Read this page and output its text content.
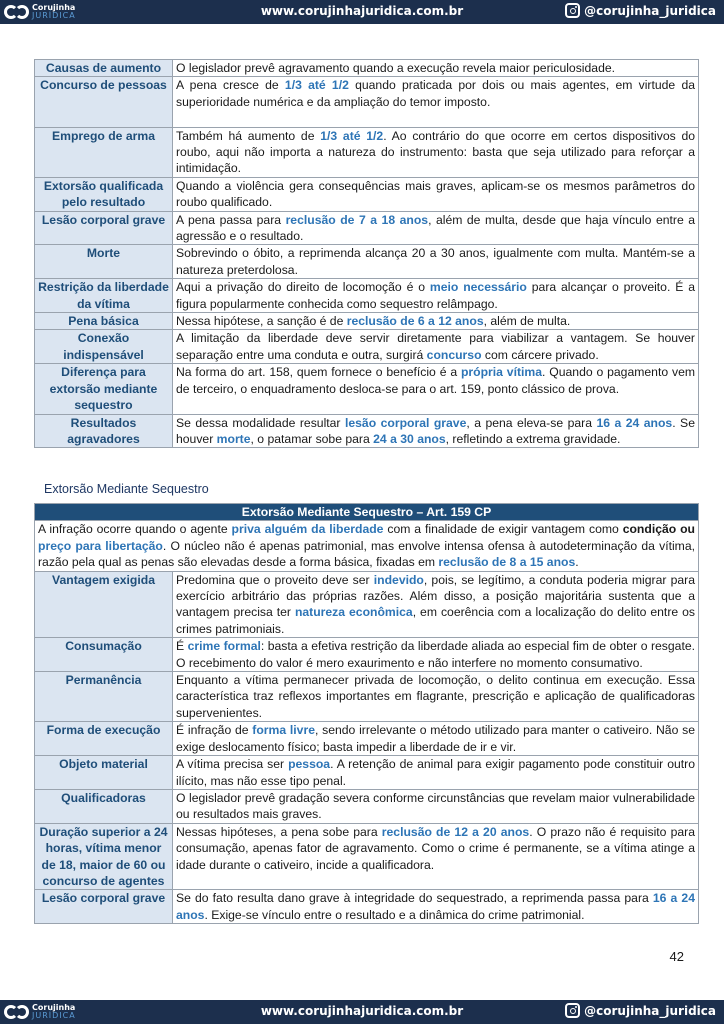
Corujinha
JURÍDICA	www.corujinhajuridica.com.br	@corujinha_juridica
Causas de aumento	O legislador prevê agravamento quando a execução revela maior periculosidade.
Concurso de pessoas	A pena cresce de 1/3 até 1/2 quando praticada por dois ou mais agentes, em virtude da superioridade numérica e da ampliação do temor imposto.
Emprego de arma	Também há aumento de 1/3 até 1/2. Ao contrário do que ocorre em certos dispositivos do roubo, aqui não importa a natureza do instrumento: basta que seja utilizado para reforçar a intimidação.
Extorsão qualificada pelo resultado	Quando a violência gera consequências mais graves, aplicam-se os mesmos parâmetros do roubo qualificado.
Lesão corporal grave	A pena passa para reclusão de 7 a 18 anos, além de multa, desde que haja vínculo entre a agressão e o resultado.
Morte	Sobrevindo o óbito, a reprimenda alcança 20 a 30 anos, igualmente com multa. Mantém-se a natureza preterdolosa.
Restrição da liberdade da vítima	Aqui a privação do direito de locomoção é o meio necessário para alcançar o proveito. É a figura popularmente conhecida como sequestro relâmpago.
Pena básica	Nessa hipótese, a sanção é de reclusão de 6 a 12 anos, além de multa.
Conexão indispensável	A limitação da liberdade deve servir diretamente para viabilizar a vantagem. Se houver separação entre uma conduta e outra, surgirá concurso com cárcere privado.
Diferença para extorsão mediante sequestro	Na forma do art. 158, quem fornece o benefício é a própria vítima. Quando o pagamento vem de terceiro, o enquadramento desloca-se para o art. 159, ponto clássico de prova.
Resultados agravadores	Se dessa modalidade resultar lesão corporal grave, a pena eleva-se para 16 a 24 anos. Se houver morte, o patamar sobe para 24 a 30 anos, refletindo a extrema gravidade.
Extorsão Mediante Sequestro
Extorsão Mediante Sequestro – Art. 159 CP	
A infração ocorre quando o agente priva alguém da liberdade com a finalidade de exigir vantagem como condição ou preço para libertação. O núcleo não é apenas patrimonial, mas envolve intensa ofensa à autodeterminação da vítima, razão pela qual as penas são elevadas desde a forma básica, fixadas em reclusão de 8 a 15 anos.	
Vantagem exigida	Predomina que o proveito deve ser indevido, pois, se legítimo, a conduta poderia migrar para exercício arbitrário das próprias razões. Além disso, a posição majoritária sustenta que a vantagem precisa ter natureza econômica, em coerência com a localização do delito entre os crimes patrimoniais.
Consumação	É crime formal: basta a efetiva restrição da liberdade aliada ao especial fim de obter o resgate. O recebimento do valor é mero exaurimento e não interfere no momento consumativo.
Permanência	Enquanto a vítima permanecer privada de locomoção, o delito continua em execução. Essa característica traz reflexos importantes em flagrante, prescrição e aplicação de qualificadoras supervenientes.
Forma de execução	É infração de forma livre, sendo irrelevante o método utilizado para manter o cativeiro. Não se exige deslocamento físico; basta impedir a liberdade de ir e vir.
Objeto material	A vítima precisa ser pessoa. A retenção de animal para exigir pagamento pode constituir outro ilícito, mas não esse tipo penal.
Qualificadoras	O legislador prevê gradação severa conforme circunstâncias que revelam maior vulnerabilidade ou resultados mais graves.
Duração superior a 24 horas, vítima menor de 18, maior de 60 ou concurso de agentes	Nessas hipóteses, a pena sobe para reclusão de 12 a 20 anos. O prazo não é requisito para consumação, apenas fator de agravamento. Como o crime é permanente, se a vítima atinge a idade durante o cativeiro, incide a qualificadora.
Lesão corporal grave	Se do fato resulta dano grave à integridade do sequestrado, a reprimenda passa para 16 a 24 anos. Exige-se vínculo entre o resultado e a dinâmica do crime patrimonial.
42
Corujinha
JURÍDICA	www.corujinhajuridica.com.br	@corujinha_juridica
